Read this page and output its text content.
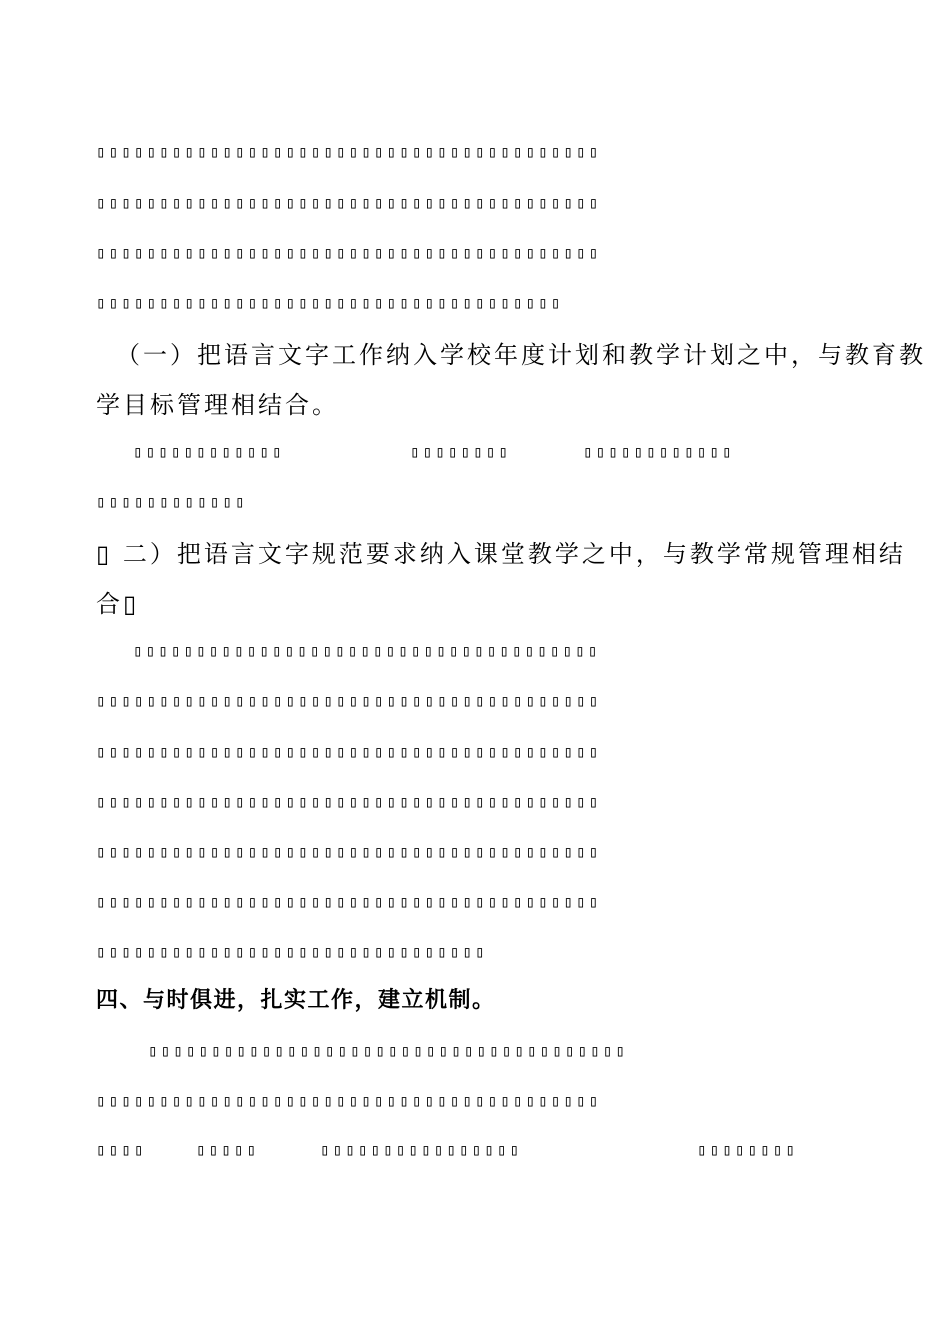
▯▯▯▯▯▯▯▯▯▯▯▯▯▯▯▯▯▯▯▯▯▯▯▯▯▯▯▯▯▯▯▯▯▯▯▯▯▯▯▯
▯▯▯▯▯▯▯▯▯▯▯▯▯▯▯▯▯▯▯▯▯▯▯▯▯▯▯▯▯▯▯▯▯▯▯▯▯▯▯▯
▯▯▯▯▯▯▯▯▯▯▯▯▯▯▯▯▯▯▯▯▯▯▯▯▯▯▯▯▯▯▯▯▯▯▯▯▯▯▯▯
▯▯▯▯▯▯▯▯▯▯▯▯▯▯▯▯▯▯▯▯▯▯▯▯▯▯▯▯▯▯▯▯▯▯▯▯▯
（一）把语言文字工作纳入学校年度计划和教学计划之中，与教育教
学目标管理相结合。
▯▯▯▯▯▯▯▯▯▯▯▯	▯▯▯▯▯▯▯▯	▯▯▯▯▯▯▯▯▯▯▯▯
▯▯▯▯▯▯▯▯▯▯▯▯
▯ 二）把语言文字规范要求纳入课堂教学之中，与教学常规管理相结
合▯
▯▯▯▯▯▯▯▯▯▯▯▯▯▯▯▯▯▯▯▯▯▯▯▯▯▯▯▯▯▯▯▯▯▯▯▯▯
▯▯▯▯▯▯▯▯▯▯▯▯▯▯▯▯▯▯▯▯▯▯▯▯▯▯▯▯▯▯▯▯▯▯▯▯▯▯▯▯
▯▯▯▯▯▯▯▯▯▯▯▯▯▯▯▯▯▯▯▯▯▯▯▯▯▯▯▯▯▯▯▯▯▯▯▯▯▯▯▯
▯▯▯▯▯▯▯▯▯▯▯▯▯▯▯▯▯▯▯▯▯▯▯▯▯▯▯▯▯▯▯▯▯▯▯▯▯▯▯▯
▯▯▯▯▯▯▯▯▯▯▯▯▯▯▯▯▯▯▯▯▯▯▯▯▯▯▯▯▯▯▯▯▯▯▯▯▯▯▯▯
▯▯▯▯▯▯▯▯▯▯▯▯▯▯▯▯▯▯▯▯▯▯▯▯▯▯▯▯▯▯▯▯▯▯▯▯▯▯▯▯
▯▯▯▯▯▯▯▯▯▯▯▯▯▯▯▯▯▯▯▯▯▯▯▯▯▯▯▯▯▯▯
四、与时俱进，扎实工作，建立机制。
▯▯▯▯▯▯▯▯▯▯▯▯▯▯▯▯▯▯▯▯▯▯▯▯▯▯▯▯▯▯▯▯▯▯▯▯▯▯
▯▯▯▯▯▯▯▯▯▯▯▯▯▯▯▯▯▯▯▯▯▯▯▯▯▯▯▯▯▯▯▯▯▯▯▯▯▯▯▯
▯▯▯▯	▯▯▯▯▯	▯▯▯▯▯▯▯▯▯▯▯▯▯▯▯▯	▯▯▯▯▯▯▯▯
